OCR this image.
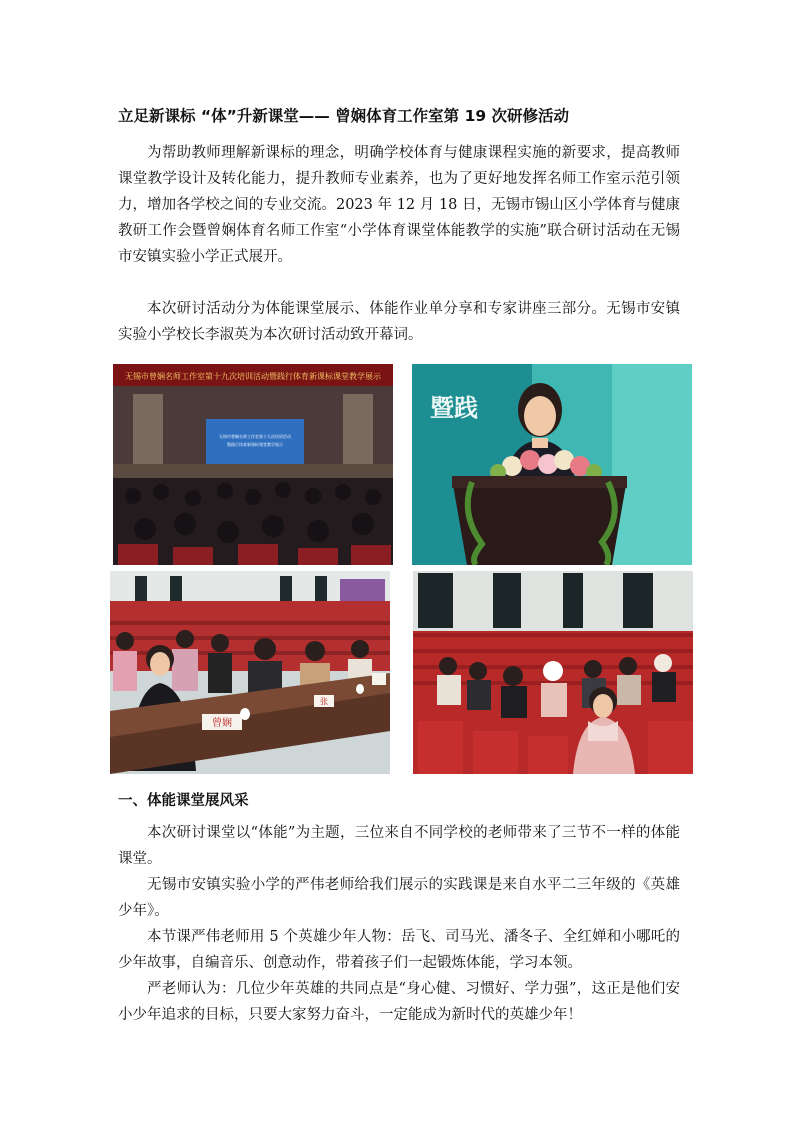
立足新课标 “体”升新课堂—— 曾娴体育工作室第 19 次研修活动

为帮助教师理解新课标的理念，明确学校体育与健康课程实施的新要求，提高教师课堂教学设计及转化能力，提升教师专业素养，也为了更好地发挥名师工作室示范引领力，增加各学校之间的专业交流。2023 年 12 月 18 日，无锡市锡山区小学体育与健康教研工作会暨曾娴体育名师工作室“小学体育课堂体能教学的实施”联合研讨活动在无锡市安镇实验小学正式展开。

本次研讨活动分为体能课堂展示、体能作业单分享和专家讲座三部分。无锡市安镇实验小学校长李淑英为本次研讨活动致开幕词。

无锡市曾娴名师工作室第十九次培训活动暨践行体育新课标课堂教学展示
无锡市曾娴名师工作室第十九次培训活动
暨践行体育新课标课堂教学展示
暨践
曾娴
张
一、体能课堂展风采

本次研讨课堂以“体能”为主题，三位来自不同学校的老师带来了三节不一样的体能课堂。

无锡市安镇实验小学的严伟老师给我们展示的实践课是来自水平二三年级的《英雄少年》。

本节课严伟老师用 5 个英雄少年人物：岳飞、司马光、潘冬子、全红婵和小哪吒的少年故事，自编音乐、创意动作，带着孩子们一起锻炼体能，学习本领。

严老师认为：几位少年英雄的共同点是“身心健、习惯好、学力强”，这正是他们安小少年追求的目标，只要大家努力奋斗，一定能成为新时代的英雄少年！
